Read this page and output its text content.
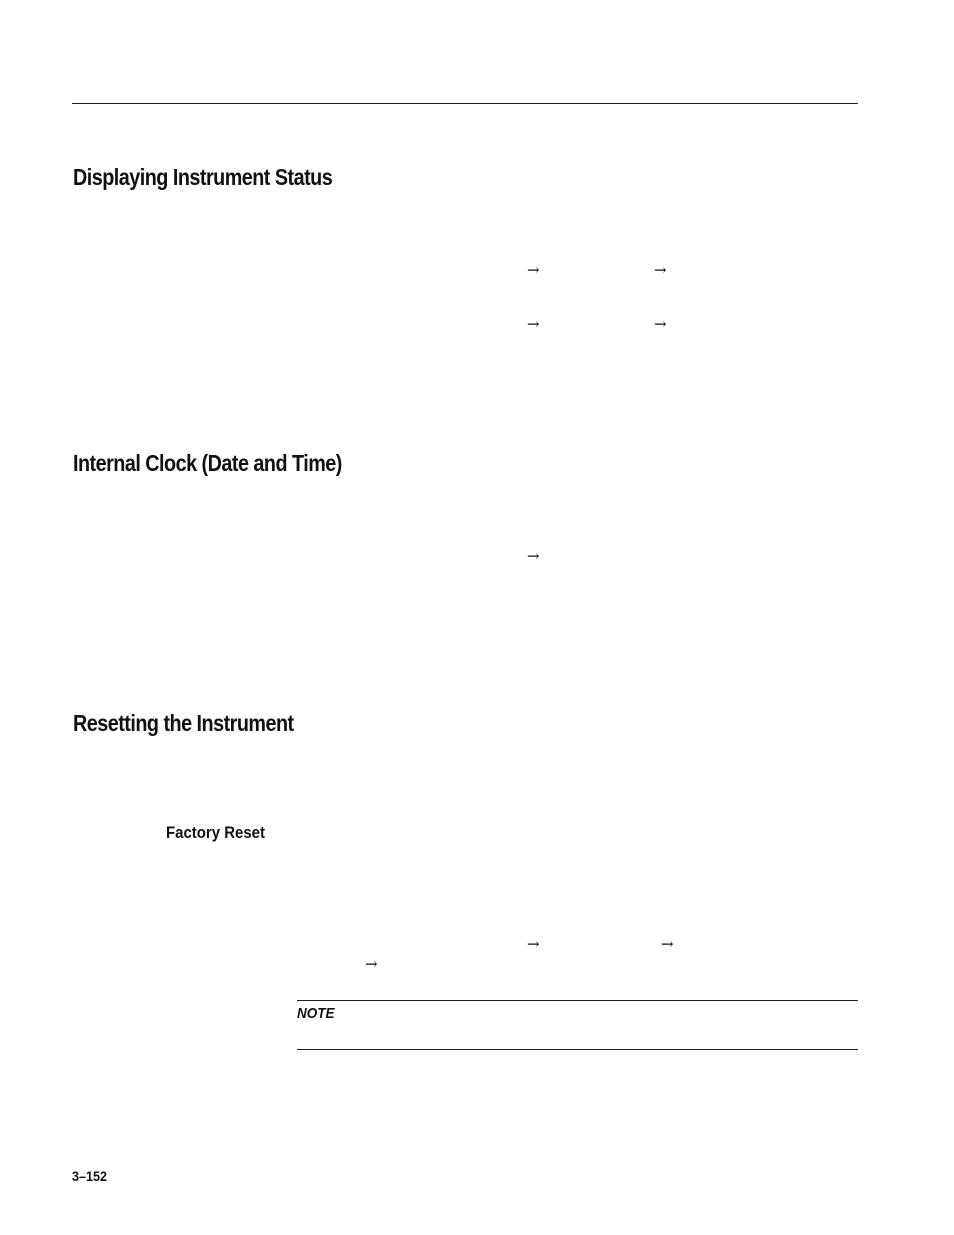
Displaying Instrument Status
→	→
→	→
Internal Clock (Date and Time)
→
Resetting the Instrument
Factory Reset
→	→
→
NOTE
3–152
